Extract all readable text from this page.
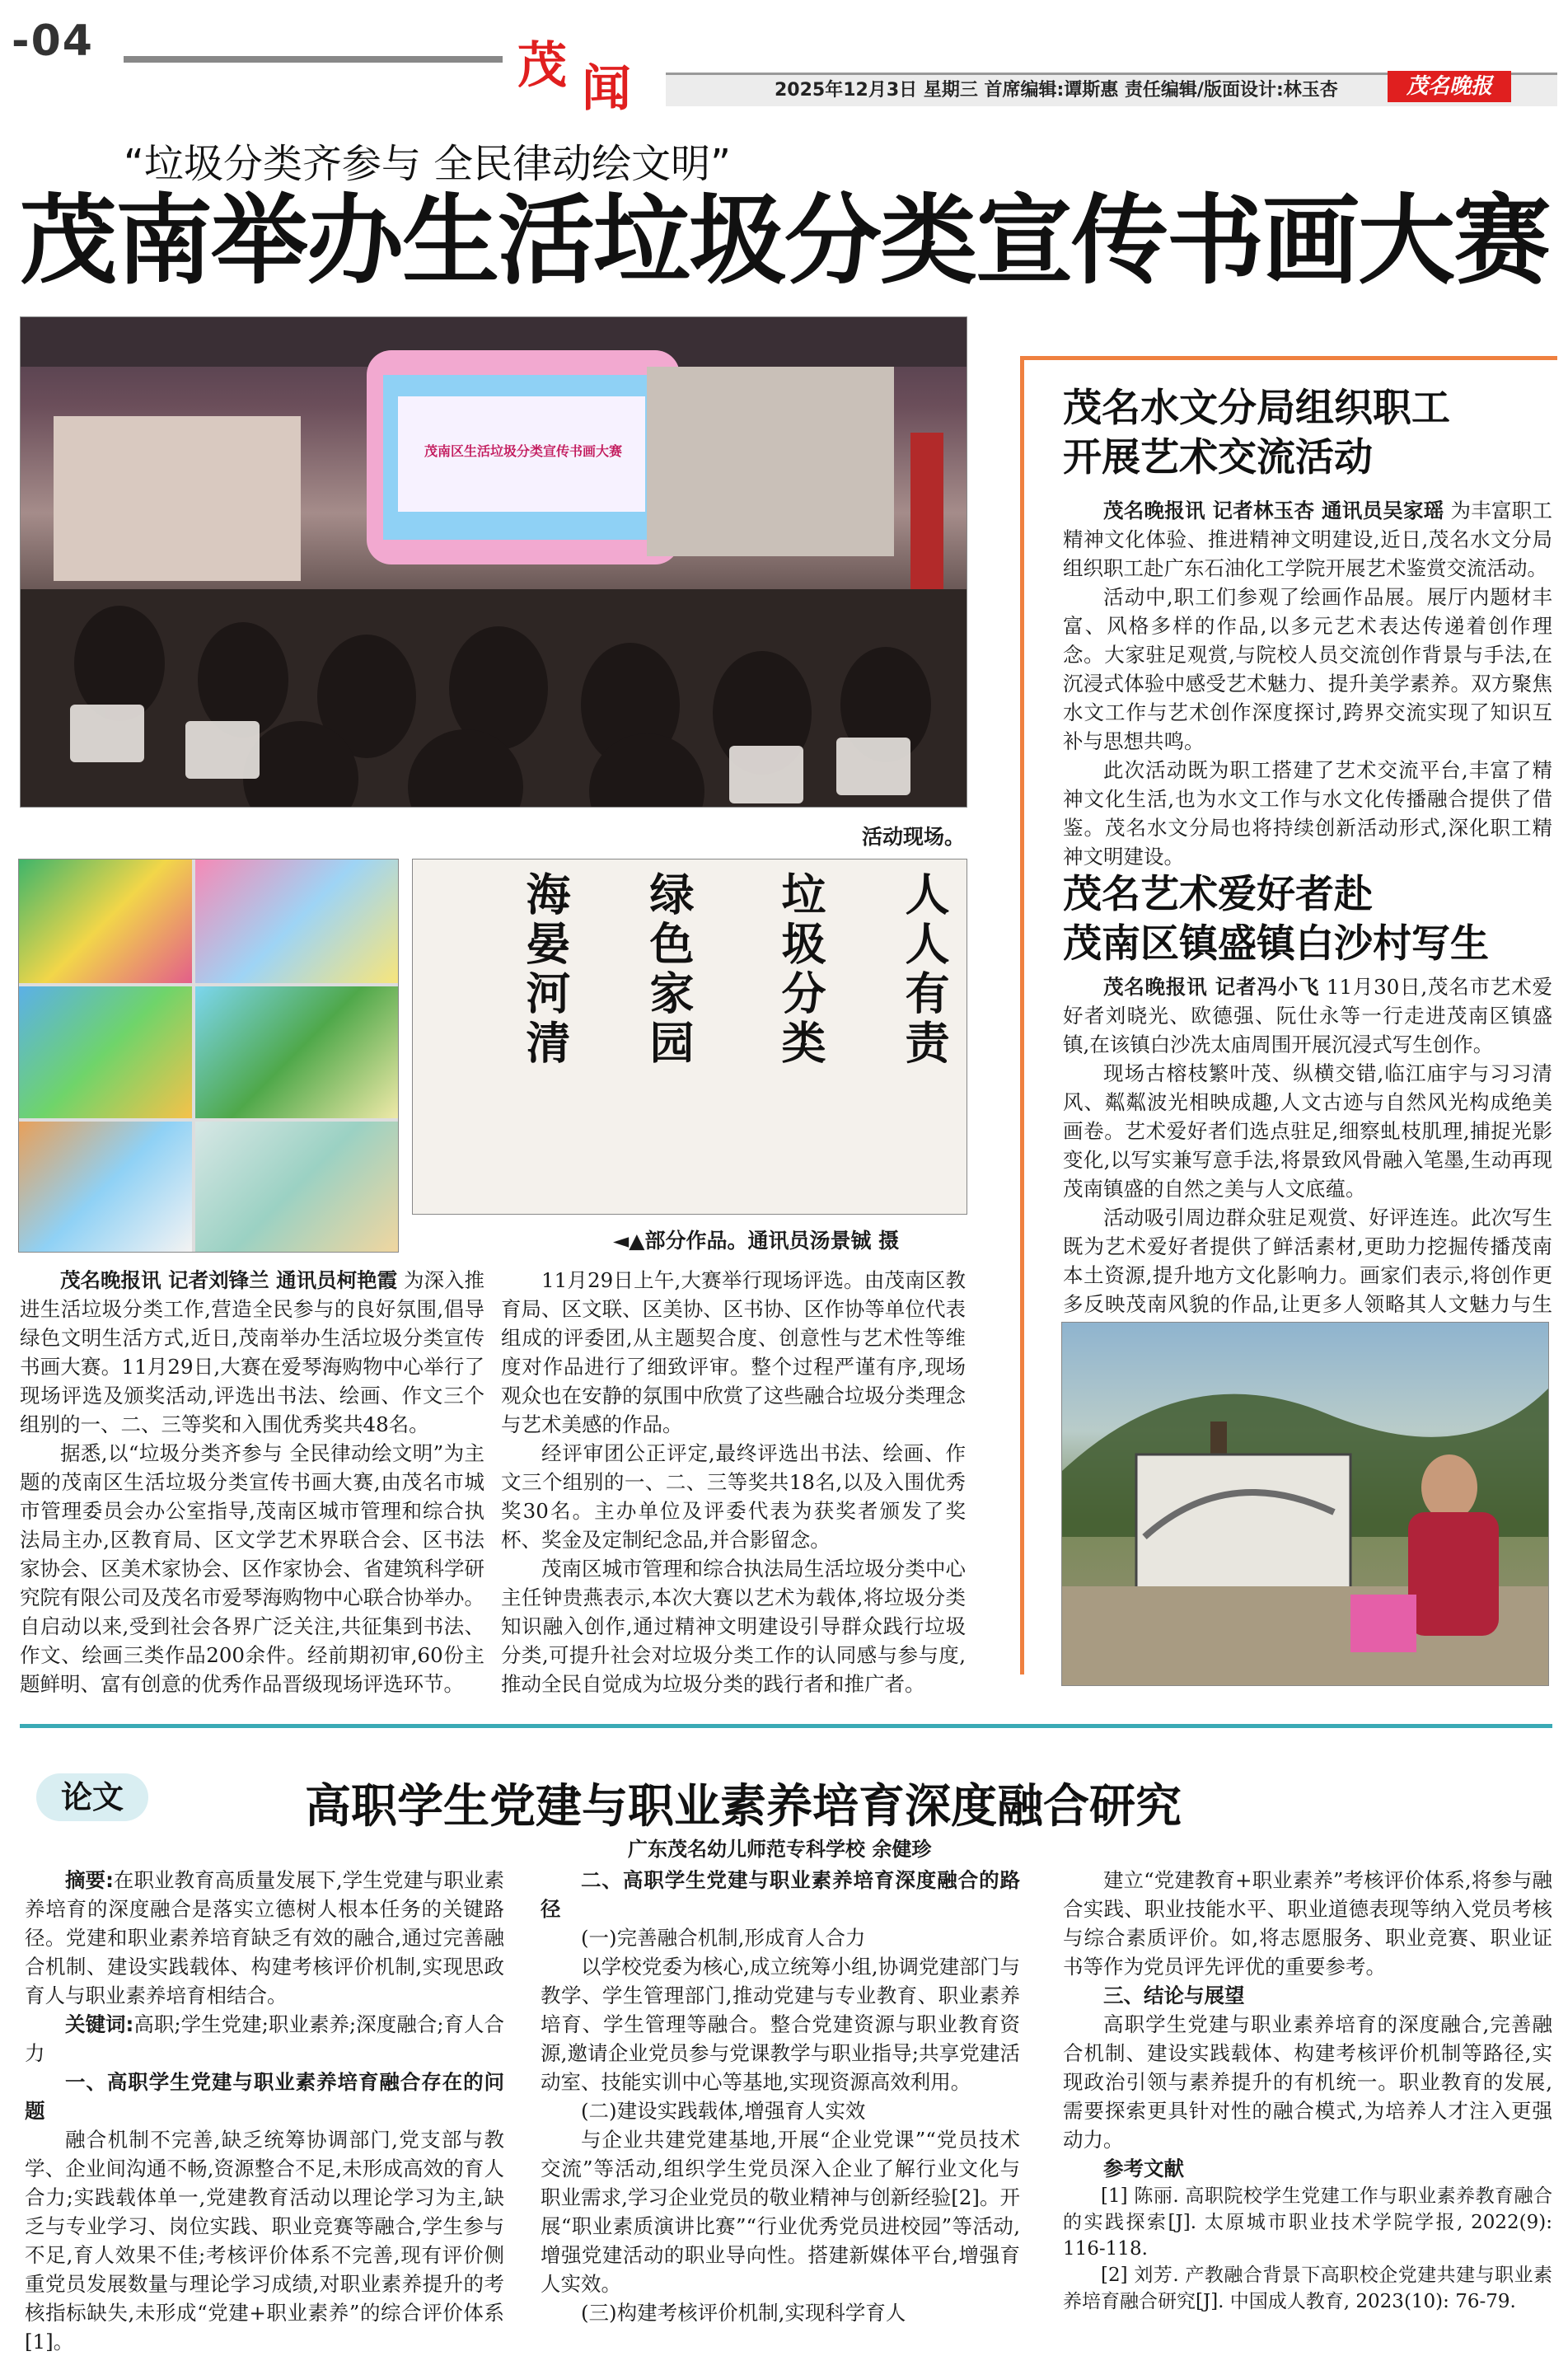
-04	茂 闻	2025年12月3日 星期三 首席编辑:谭斯惠 责任编辑/版面设计:林玉杏	茂名晚报
“垃圾分类齐参与 全民律动绘文明”
茂南举办生活垃圾分类宣传书画大赛
茂南区生活垃圾分类宣传书画大赛
活动现场。
海晏河清	绿色家园	垃圾分类	人人有责
◄▲部分作品。通讯员汤景铖 摄

茂名晚报讯 记者刘锋兰 通讯员柯艳霞 为深入推进生活垃圾分类工作,营造全民参与的良好氛围,倡导绿色文明生活方式,近日,茂南举办生活垃圾分类宣传书画大赛。11月29日,大赛在爱琴海购物中心举行了现场评选及颁奖活动,评选出书法、绘画、作文三个组别的一、二、三等奖和入围优秀奖共48名。

据悉,以“垃圾分类齐参与 全民律动绘文明”为主题的茂南区生活垃圾分类宣传书画大赛,由茂名市城市管理委员会办公室指导,茂南区城市管理和综合执法局主办,区教育局、区文学艺术界联合会、区书法家协会、区美术家协会、区作家协会、省建筑科学研究院有限公司及茂名市爱琴海购物中心联合协举办。自启动以来,受到社会各界广泛关注,共征集到书法、作文、绘画三类作品200余件。经前期初审,60份主题鲜明、富有创意的优秀作品晋级现场评选环节。

11月29日上午,大赛举行现场评选。由茂南区教育局、区文联、区美协、区书协、区作协等单位代表组成的评委团,从主题契合度、创意性与艺术性等维度对作品进行了细致评审。整个过程严谨有序,现场观众也在安静的氛围中欣赏了这些融合垃圾分类理念与艺术美感的作品。

经评审团公正评定,最终评选出书法、绘画、作文三个组别的一、二、三等奖共18名,以及入围优秀奖30名。主办单位及评委代表为获奖者颁发了奖杯、奖金及定制纪念品,并合影留念。

茂南区城市管理和综合执法局生活垃圾分类中心主任钟贵燕表示,本次大赛以艺术为载体,将垃圾分类知识融入创作,通过精神文明建设引导群众践行垃圾分类,可提升社会对垃圾分类工作的认同感与参与度,推动全民自觉成为垃圾分类的践行者和推广者。

茂名水文分局组织职工
开展艺术交流活动

茂名晚报讯 记者林玉杏 通讯员吴家瑶 为丰富职工精神文化体验、推进精神文明建设,近日,茂名水文分局组织职工赴广东石油化工学院开展艺术鉴赏交流活动。

活动中,职工们参观了绘画作品展。展厅内题材丰富、风格多样的作品,以多元艺术表达传递着创作理念。大家驻足观赏,与院校人员交流创作背景与手法,在沉浸式体验中感受艺术魅力、提升美学素养。双方聚焦水文工作与艺术创作深度探讨,跨界交流实现了知识互补与思想共鸣。

此次活动既为职工搭建了艺术交流平台,丰富了精神文化生活,也为水文工作与水文化传播融合提供了借鉴。茂名水文分局也将持续创新活动形式,深化职工精神文明建设。

茂名艺术爱好者赴
茂南区镇盛镇白沙村写生

茂名晚报讯 记者冯小飞 11月30日,茂名市艺术爱好者刘晓光、欧德强、阮仕永等一行走进茂南区镇盛镇,在该镇白沙冼太庙周围开展沉浸式写生创作。

现场古榕枝繁叶茂、纵横交错,临江庙宇与习习清风、粼粼波光相映成趣,人文古迹与自然风光构成绝美画卷。艺术爱好者们选点驻足,细察虬枝肌理,捕捉光影变化,以写实兼写意手法,将景致风骨融入笔墨,生动再现茂南镇盛的自然之美与人文底蕴。

活动吸引周边群众驻足观赏、好评连连。此次写生既为艺术爱好者提供了鲜活素材,更助力挖掘传播茂南本土资源,提升地方文化影响力。画家们表示,将创作更多反映茂南风貌的作品,让更多人领略其人文魅力与生

论文	高职学生党建与职业素养培育深度融合研究
广东茂名幼儿师范专科学校 余健珍

摘要:在职业教育高质量发展下,学生党建与职业素养培育的深度融合是落实立德树人根本任务的关键路径。党建和职业素养培育缺乏有效的融合,通过完善融合机制、建设实践载体、构建考核评价机制,实现思政育人与职业素养培育相结合。

关键词:高职;学生党建;职业素养;深度融合;育人合力

一、高职学生党建与职业素养培育融合存在的问题

融合机制不完善,缺乏统筹协调部门,党支部与教学、企业间沟通不畅,资源整合不足,未形成高效的育人合力;实践载体单一,党建教育活动以理论学习为主,缺乏与专业学习、岗位实践、职业竞赛等融合,学生参与不足,育人效果不佳;考核评价体系不完善,现有评价侧重党员发展数量与理论学习成绩,对职业素养提升的考核指标缺失,未形成“党建+职业素养”的综合评价体系[1]。

二、高职学生党建与职业素养培育深度融合的路径

(一)完善融合机制,形成育人合力

以学校党委为核心,成立统筹小组,协调党建部门与教学、学生管理部门,推动党建与专业教育、职业素养培育、学生管理等融合。整合党建资源与职业教育资源,邀请企业党员参与党课教学与职业指导;共享党建活动室、技能实训中心等基地,实现资源高效利用。

(二)建设实践载体,增强育人实效

与企业共建党建基地,开展“企业党课”“党员技术交流”等活动,组织学生党员深入企业了解行业文化与职业需求,学习企业党员的敬业精神与创新经验[2]。开展“职业素质演讲比赛”“行业优秀党员进校园”等活动,增强党建活动的职业导向性。搭建新媒体平台,增强育人实效。

(三)构建考核评价机制,实现科学育人

建立“党建教育+职业素养”考核评价体系,将参与融合实践、职业技能水平、职业道德表现等纳入党员考核与综合素质评价。如,将志愿服务、职业竞赛、职业证书等作为党员评先评优的重要参考。

三、结论与展望

高职学生党建与职业素养培育的深度融合,完善融合机制、建设实践载体、构建考核评价机制等路径,实现政治引领与素养提升的有机统一。职业教育的发展,需要探索更具针对性的融合模式,为培养人才注入更强动力。

参考文献

[1] 陈丽. 高职院校学生党建工作与职业素养教育融合的实践探索[J]. 太原城市职业技术学院学报, 2022(9): 116-118.

[2] 刘芳. 产教融合背景下高职校企党建共建与职业素养培育融合研究[J]. 中国成人教育, 2023(10): 76-79.
